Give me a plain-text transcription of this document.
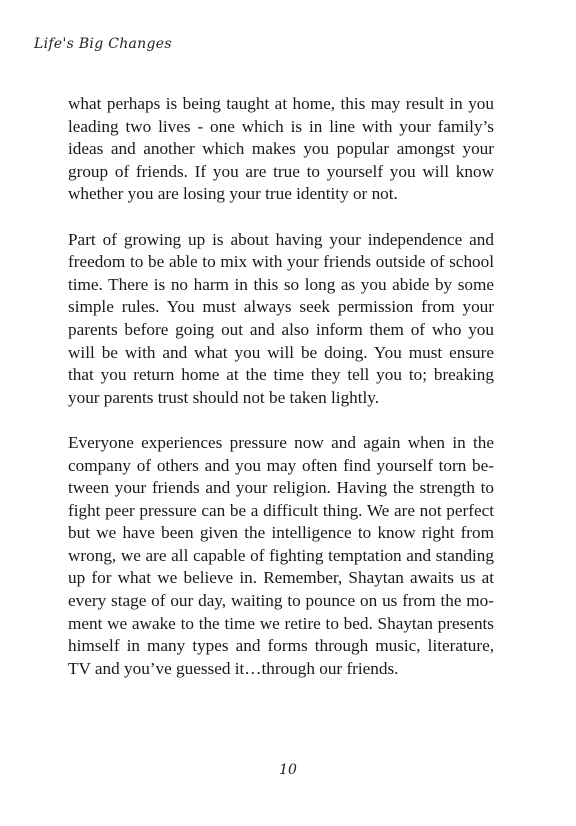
Life's Big Changes

what perhaps is being taught at home, this may result in you leading two lives - one which is in line with your family’s ideas and another which makes you popular amongst your group of friends. If you are true to yourself you will know whether you are losing your true identity or not.

Part of growing up is about having your independence and freedom to be able to mix with your friends outside of school time. There is no harm in this so long as you abide by some simple rules. You must always seek permission from your parents before going out and also inform them of who you will be with and what you will be doing. You must ensure that you return home at the time they tell you to; breaking your parents trust should not be taken lightly.

Everyone experiences pressure now and again when in the company of others and you may often find yourself torn between your friends and your religion. Having the strength to fight peer pressure can be a difficult thing. We are not perfect but we have been given the intelligence to know right from wrong, we are all capable of fighting temptation and standing up for what we believe in. Remember, Shaytan awaits us at every stage of our day, waiting to pounce on us from the moment we awake to the time we retire to bed. Shaytan presents himself in many types and forms through music, literature, TV and you’ve guessed it…through our friends.

10
